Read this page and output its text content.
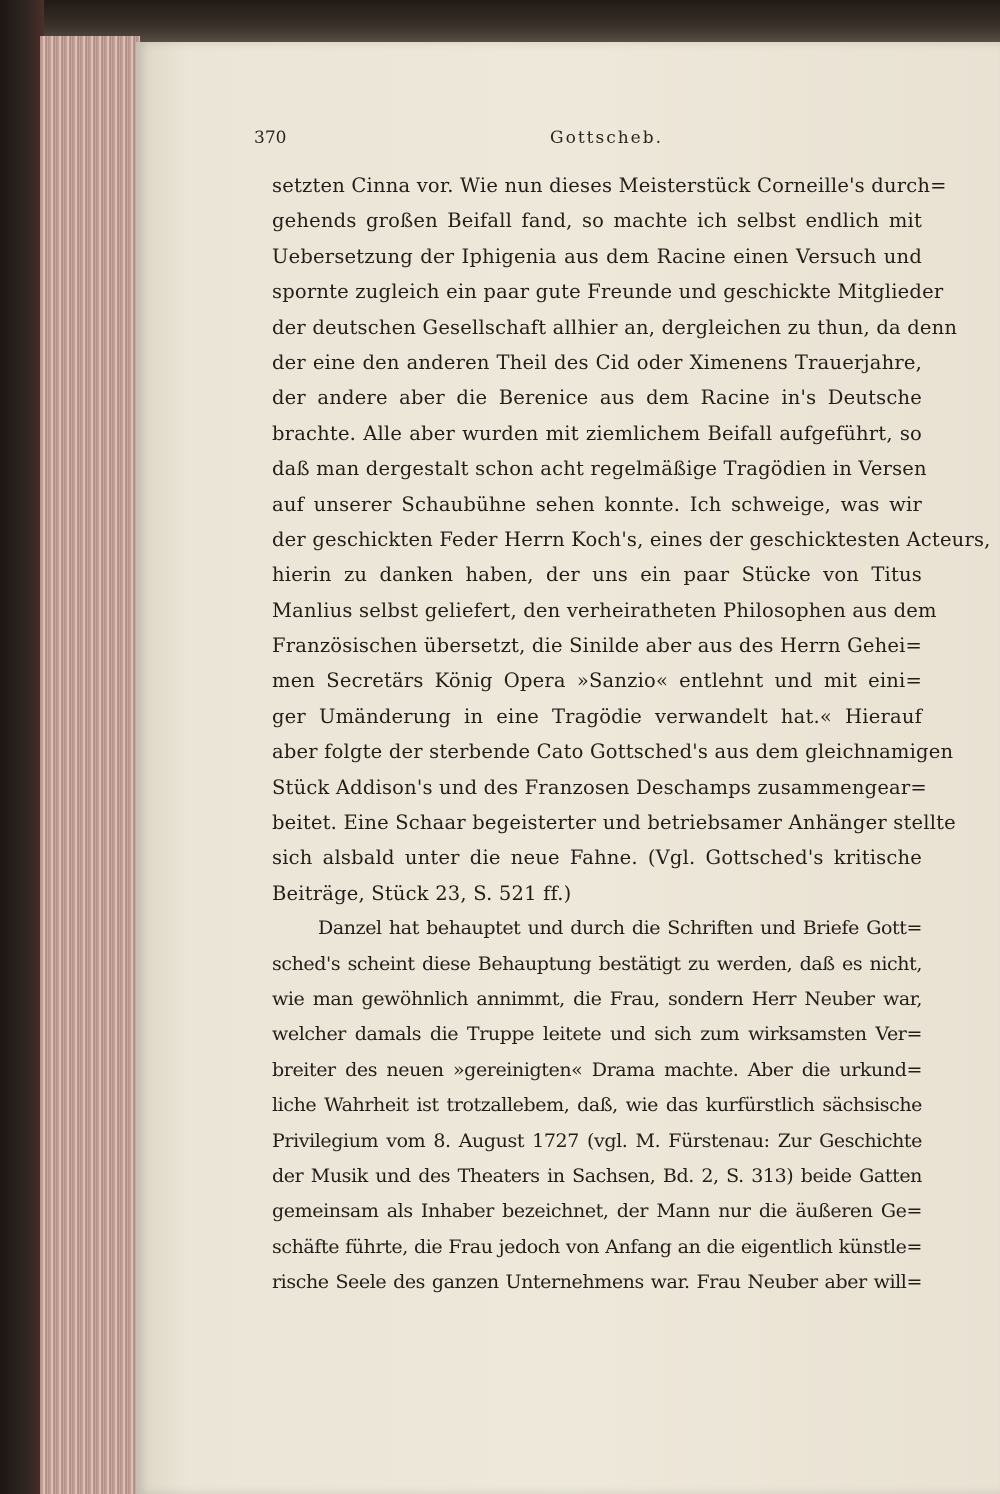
370	Gottscheb.
setzten Cinna vor. Wie nun dieses Meisterstück Corneille's durch=
gehends großen Beifall fand, so machte ich selbst endlich mit
Uebersetzung der Iphigenia aus dem Racine einen Versuch und
spornte zugleich ein paar gute Freunde und geschickte Mitglieder
der deutschen Gesellschaft allhier an, dergleichen zu thun, da denn
der eine den anderen Theil des Cid oder Ximenens Trauerjahre,
der andere aber die Berenice aus dem Racine in's Deutsche
brachte. Alle aber wurden mit ziemlichem Beifall aufgeführt, so
daß man dergestalt schon acht regelmäßige Tragödien in Versen
auf unserer Schaubühne sehen konnte. Ich schweige, was wir
der geschickten Feder Herrn Koch's, eines der geschicktesten Acteurs,
hierin zu danken haben, der uns ein paar Stücke von Titus
Manlius selbst geliefert, den verheiratheten Philosophen aus dem
Französischen übersetzt, die Sinilde aber aus des Herrn Gehei=
men Secretärs König Opera »Sanzio« entlehnt und mit eini=
ger Umänderung in eine Tragödie verwandelt hat.« Hierauf
aber folgte der sterbende Cato Gottsched's aus dem gleichnamigen
Stück Addison's und des Franzosen Deschamps zusammengear=
beitet. Eine Schaar begeisterter und betriebsamer Anhänger stellte
sich alsbald unter die neue Fahne. (Vgl. Gottsched's kritische
Beiträge, Stück 23, S. 521 ff.)
Danzel hat behauptet und durch die Schriften und Briefe Gott=
sched's scheint diese Behauptung bestätigt zu werden, daß es nicht,
wie man gewöhnlich annimmt, die Frau, sondern Herr Neuber war,
welcher damals die Truppe leitete und sich zum wirksamsten Ver=
breiter des neuen »gereinigten« Drama machte. Aber die urkund=
liche Wahrheit ist trotzallebem, daß, wie das kurfürstlich sächsische
Privilegium vom 8. August 1727 (vgl. M. Fürstenau: Zur Geschichte
der Musik und des Theaters in Sachsen, Bd. 2, S. 313) beide Gatten
gemeinsam als Inhaber bezeichnet, der Mann nur die äußeren Ge=
schäfte führte, die Frau jedoch von Anfang an die eigentlich künstle=
rische Seele des ganzen Unternehmens war. Frau Neuber aber will=
